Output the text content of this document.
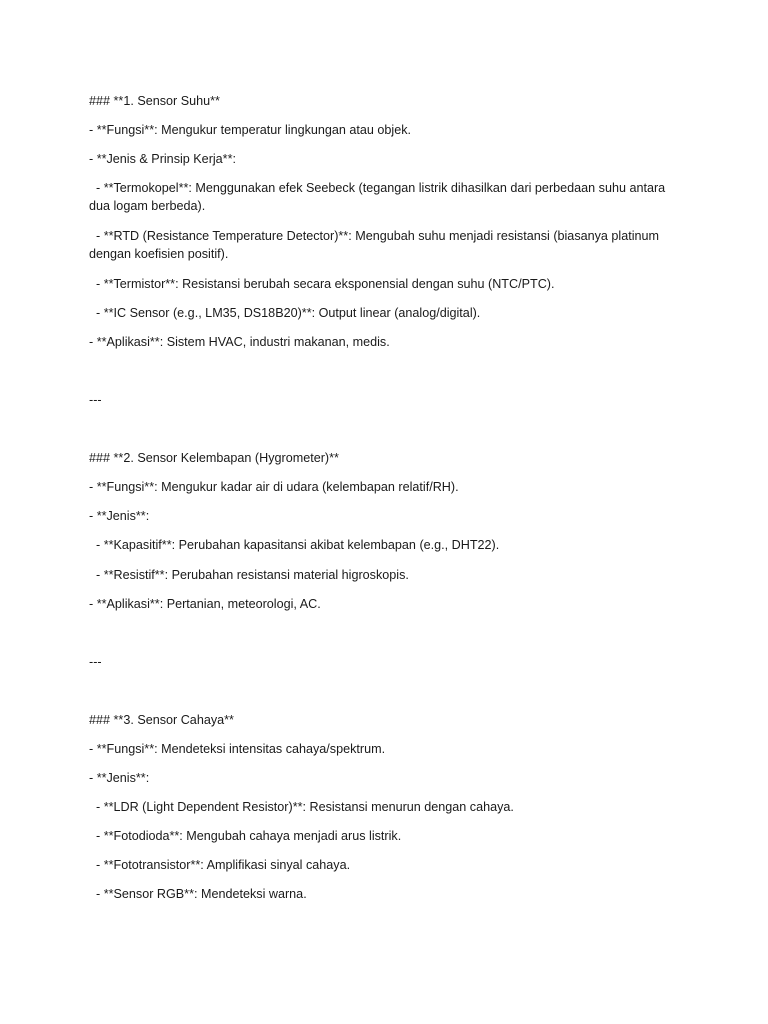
### **1. Sensor Suhu**

- **Fungsi**: Mengukur temperatur lingkungan atau objek.

- **Jenis & Prinsip Kerja**:

- **Termokopel**: Menggunakan efek Seebeck (tegangan listrik dihasilkan dari perbedaan suhu antara dua logam berbeda).

- **RTD (Resistance Temperature Detector)**: Mengubah suhu menjadi resistansi (biasanya platinum dengan koefisien positif).

- **Termistor**: Resistansi berubah secara eksponensial dengan suhu (NTC/PTC).

- **IC Sensor (e.g., LM35, DS18B20)**: Output linear (analog/digital).

- **Aplikasi**: Sistem HVAC, industri makanan, medis.

---

### **2. Sensor Kelembapan (Hygrometer)**

- **Fungsi**: Mengukur kadar air di udara (kelembapan relatif/RH).

- **Jenis**:

- **Kapasitif**: Perubahan kapasitansi akibat kelembapan (e.g., DHT22).

- **Resistif**: Perubahan resistansi material higroskopis.

- **Aplikasi**: Pertanian, meteorologi, AC.

---

### **3. Sensor Cahaya**

- **Fungsi**: Mendeteksi intensitas cahaya/spektrum.

- **Jenis**:

- **LDR (Light Dependent Resistor)**: Resistansi menurun dengan cahaya.

- **Fotodioda**: Mengubah cahaya menjadi arus listrik.

- **Fototransistor**: Amplifikasi sinyal cahaya.

- **Sensor RGB**: Mendeteksi warna.
